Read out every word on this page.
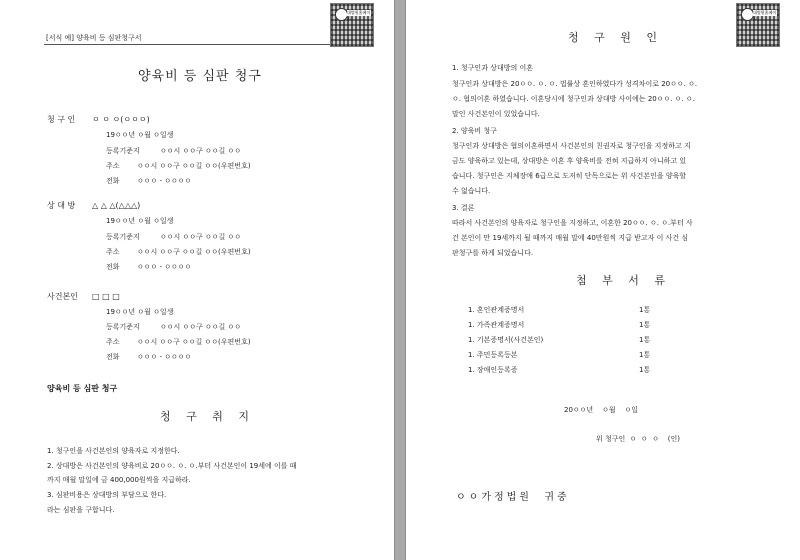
[서식 예] 양육비 등 심판청구서
대법원홈페이지
양육비 등 심판 청구
청 구 인 ㅇ ㅇ ㅇ(ㅇㅇㅇ)
19ㅇㅇ년 ㅇ월 ㅇ일생
등록기준지	ㅇㅇ시 ㅇㅇ구 ㅇㅇ길 ㅇㅇ
주소 ㅇㅇ시 ㅇㅇ구 ㅇㅇ길 ㅇㅇ(우편번호)
전화 ㅇㅇㅇ - ㅇㅇㅇㅇ
상 대 방 △ △ △(△△△)
19ㅇㅇ년 ㅇ월 ㅇ일생
등록기준지	ㅇㅇ시 ㅇㅇ구 ㅇㅇ길 ㅇㅇ
주소 ㅇㅇ시 ㅇㅇ구 ㅇㅇ길 ㅇㅇ(우편번호)
전화 ㅇㅇㅇ - ㅇㅇㅇㅇ
사건본인 □ □ □
19ㅇㅇ년 ㅇ월 ㅇ일생
등록기준지	ㅇㅇ시 ㅇㅇ구 ㅇㅇ길 ㅇㅇ
주소 ㅇㅇ시 ㅇㅇ구 ㅇㅇ길 ㅇㅇ(우편번호)
전화 ㅇㅇㅇ - ㅇㅇㅇㅇ
양육비 등 심판 청구
청 구 취 지
1. 청구인을 사건본인의 양육자로 지정한다.
2. 상대방은 사건본인의 양육비로 20ㅇㅇ. ㅇ. ㅇ.부터 사건본인이 19세에 이를 때
까지 매월 말일에 금 400,000원씩을 지급하라.
3. 심판비용은 상대방의 부담으로 한다.
라는 심판을 구합니다.
대법원홈페이지
청 구 원 인
1. 청구인과 상대방의 이혼
청구인과 상대방은 20ㅇㅇ. ㅇ. ㅇ. 법률상 혼인하였다가 성격차이로 20ㅇㅇ. ㅇ.
ㅇ. 협의이혼 하였습니다. 이혼당시에 청구인과 상대방 사이에는 20ㅇㅇ. ㅇ. ㅇ.
말인 사건본인이 있었습니다.
2. 양육비 청구
청구인과 상대방은 협의이혼하면서 사건본인의 친권자로 청구인을 지정하고 지
금도 양육하고 있는데, 상대방은 이혼 후 양육비를 전혀 지급하지 아니하고 있
습니다. 청구인은 지체장애 6급으로 도저히 단독으로는 위 사건본인을 양육할
수 없습니다.
3. 결론
따라서 사건본인의 양육자로 청구인을 지정하고, 이혼한 20ㅇㅇ. ㅇ. ㅇ.부터 사
건 본인이 만 19세까지 될 때까지 매월 말에 40만원씩 지급 받고자 이 사건 심
판청구를 하게 되었습니다.
첨 부 서 류
1. 혼인관계증명서	1통
1. 가족관계증명서	1통
1. 기본증명서(사건본인)	1통
1. 주민등록등본	1통
1. 장애인등록증	1통
20ㅇㅇ년    ㅇ월    ㅇ일
위 청구인  ㅇ  ㅇ  ㅇ    (인)
ㅇㅇ가정법원  귀중
